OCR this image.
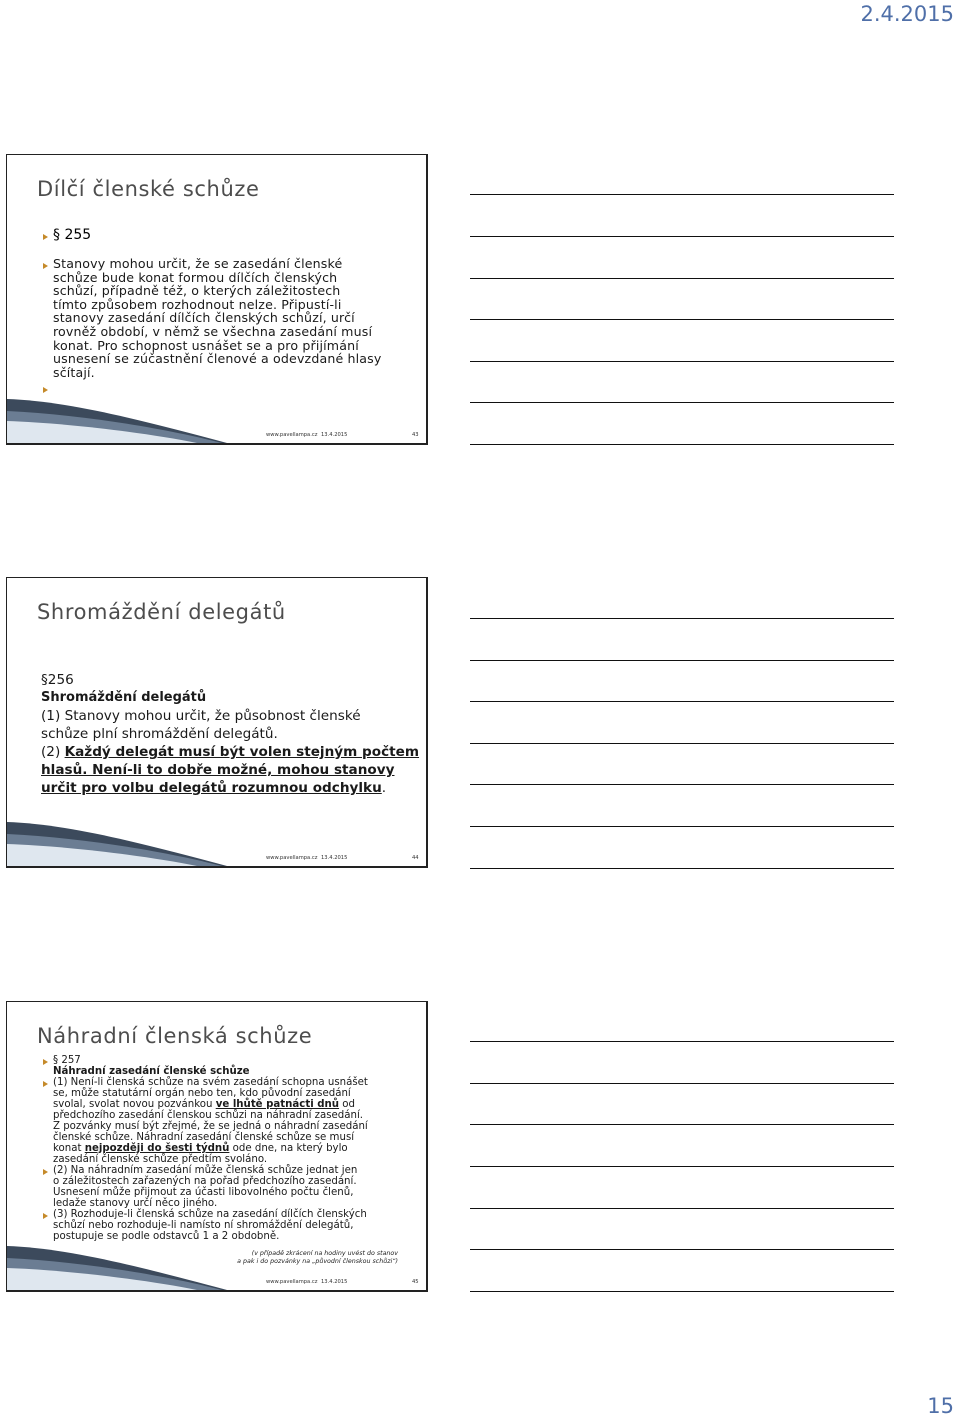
2.4.2015
Dílčí členské schůze
§ 255
Stanovy mohou určit, že se zasedání členské
schůze bude konat formou dílčích členských
schůzí, případně též, o kterých záležitostech
tímto způsobem rozhodnout nelze. Připustí-li
stanovy zasedání dílčích členských schůzí, určí
rovněž období, v němž se všechna zasedání musí
konat. Pro schopnost usnášet se a pro přijímání
usnesení se zúčastnění členové a odevzdané hlasy
sčítají.
www.pavellampa.cz 13.4.2015	43
Shromáždění delegátů
§256
Shromáždění delegátů
(1) Stanovy mohou určit, že působnost členské
schůze plní shromáždění delegátů.
(2) Každý delegát musí být volen stejným počtem
hlasů. Není-li to dobře možné, mohou stanovy
určit pro volbu delegátů rozumnou odchylku.
www.pavellampa.cz 13.4.2015	44
Náhradní členská schůze
§ 257
Náhradní zasedání členské schůze
(1) Není-li členská schůze na svém zasedání schopna usnášet
se, může statutární orgán nebo ten, kdo původní zasedání
svolal, svolat novou pozvánkou ve lhůtě patnácti dnů od
předchozího zasedání členskou schůzi na náhradní zasedání.
Z pozvánky musí být zřejmé, že se jedná o náhradní zasedání
členské schůze. Náhradní zasedání členské schůze se musí
konat nejpozději do šesti týdnů ode dne, na který bylo
zasedání členské schůze předtím svoláno.
(2) Na náhradním zasedání může členská schůze jednat jen
o záležitostech zařazených na pořad předchozího zasedání.
Usnesení může přijmout za účasti libovolného počtu členů,
ledaže stanovy určí něco jiného.
(3) Rozhoduje-li členská schůze na zasedání dílčích členských
schůzí nebo rozhoduje-li namísto ní shromáždění delegátů,
postupuje se podle odstavců 1 a 2 obdobně.
(v případě zkrácení na hodiny uvést do stanov
a pak i do pozvánky na „původní členskou schůzi“)
www.pavellampa.cz 13.4.2015	45
15
